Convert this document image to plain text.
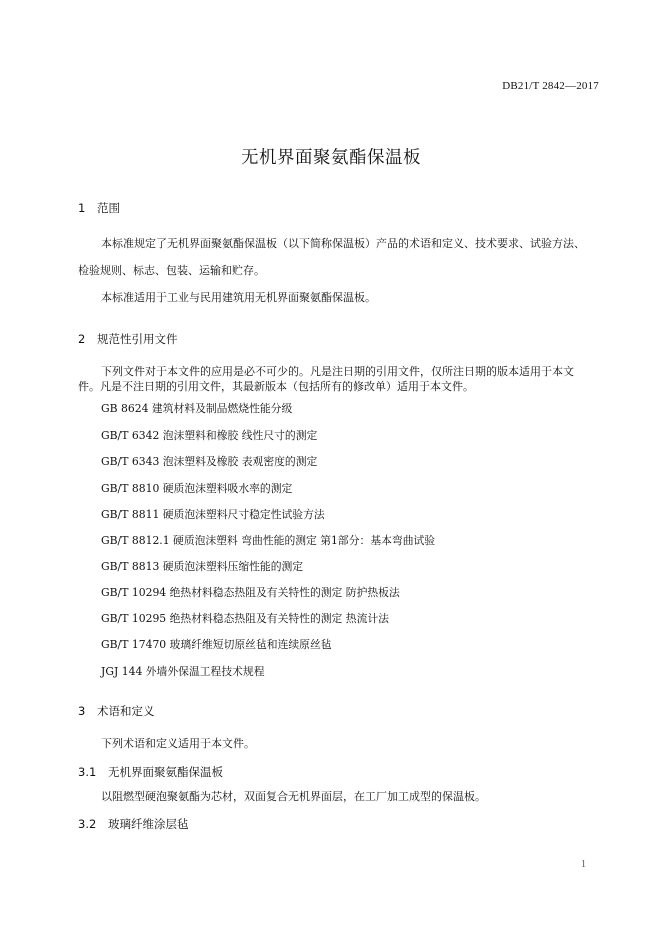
DB21/T 2842—2017
无机界面聚氨酯保温板
1 范围
本标准规定了无机界面聚氨酯保温板（以下简称保温板）产品的术语和定义、技术要求、试验方法、
检验规则、标志、包装、运输和贮存。
本标准适用于工业与民用建筑用无机界面聚氨酯保温板。
2 规范性引用文件
下列文件对于本文件的应用是必不可少的。凡是注日期的引用文件，仅所注日期的版本适用于本文
件。凡是不注日期的引用文件，其最新版本（包括所有的修改单）适用于本文件。
GB 8624 建筑材料及制品燃烧性能分级
GB/T 6342 泡沫塑料和橡胶 线性尺寸的测定
GB/T 6343 泡沫塑料及橡胶 表观密度的测定
GB/T 8810 硬质泡沫塑料吸水率的测定
GB/T 8811 硬质泡沫塑料尺寸稳定性试验方法
GB/T 8812.1 硬质泡沫塑料 弯曲性能的测定 第1部分：基本弯曲试验
GB/T 8813 硬质泡沫塑料压缩性能的测定
GB/T 10294 绝热材料稳态热阻及有关特性的测定 防护热板法
GB/T 10295 绝热材料稳态热阻及有关特性的测定 热流计法
GB/T 17470 玻璃纤维短切原丝毡和连续原丝毡
JGJ 144 外墙外保温工程技术规程
3 术语和定义
下列术语和定义适用于本文件。
3.1 无机界面聚氨酯保温板
以阻燃型硬泡聚氨酯为芯材，双面复合无机界面层，在工厂加工成型的保温板。
3.2 玻璃纤维涂层毡
1
